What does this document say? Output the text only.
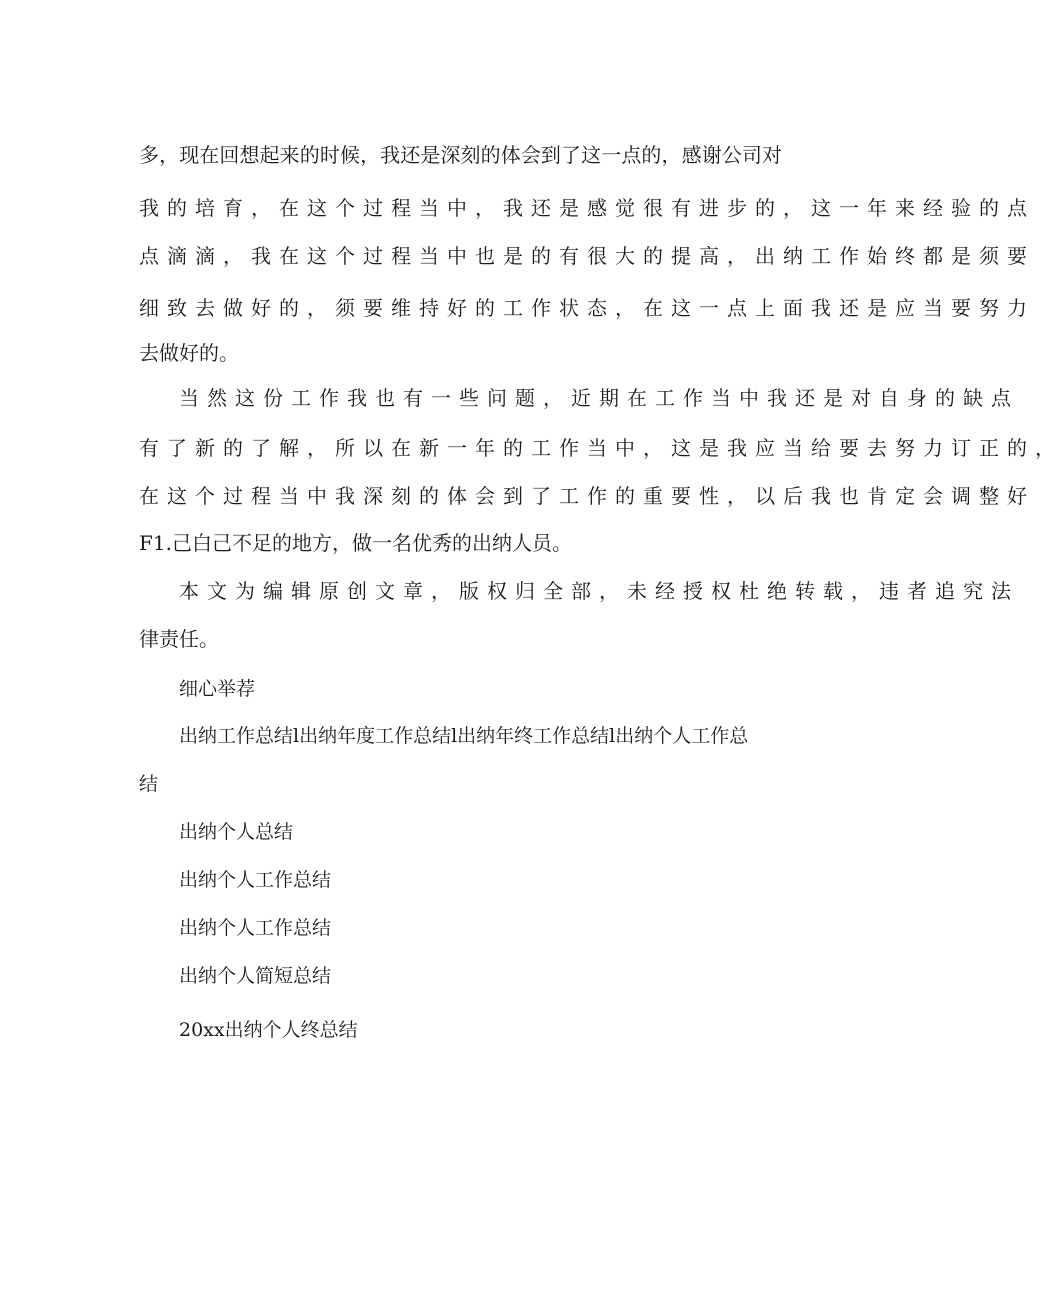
多，现在回想起来的时候，我还是深刻的体会到了这一点的，感谢公司对
我的培育，在这个过程当中，我还是感觉很有进步的，这一年来经验的点
点滴滴，我在这个过程当中也是的有很大的提高，出纳工作始终都是须要
细致去做好的，须要维持好的工作状态，在这一点上面我还是应当要努力
去做好的。
当然这份工作我也有一些问题，近期在工作当中我还是对自身的缺点
有了新的了解，所以在新一年的工作当中，这是我应当给要去努力订正的，
在这个过程当中我深刻的体会到了工作的重要性，以后我也肯定会调整好
F1.己白己不足的地方，做一名优秀的出纳人员。
本文为编辑原创文章，版权归全部，未经授权杜绝转载，违者追究法
律责任。
细心举荐
出纳工作总结l出纳年度工作总结l出纳年终工作总结l出纳个人工作总
结
出纳个人总结
出纳个人工作总结
出纳个人工作总结
出纳个人简短总结
20xx出纳个人终总结
